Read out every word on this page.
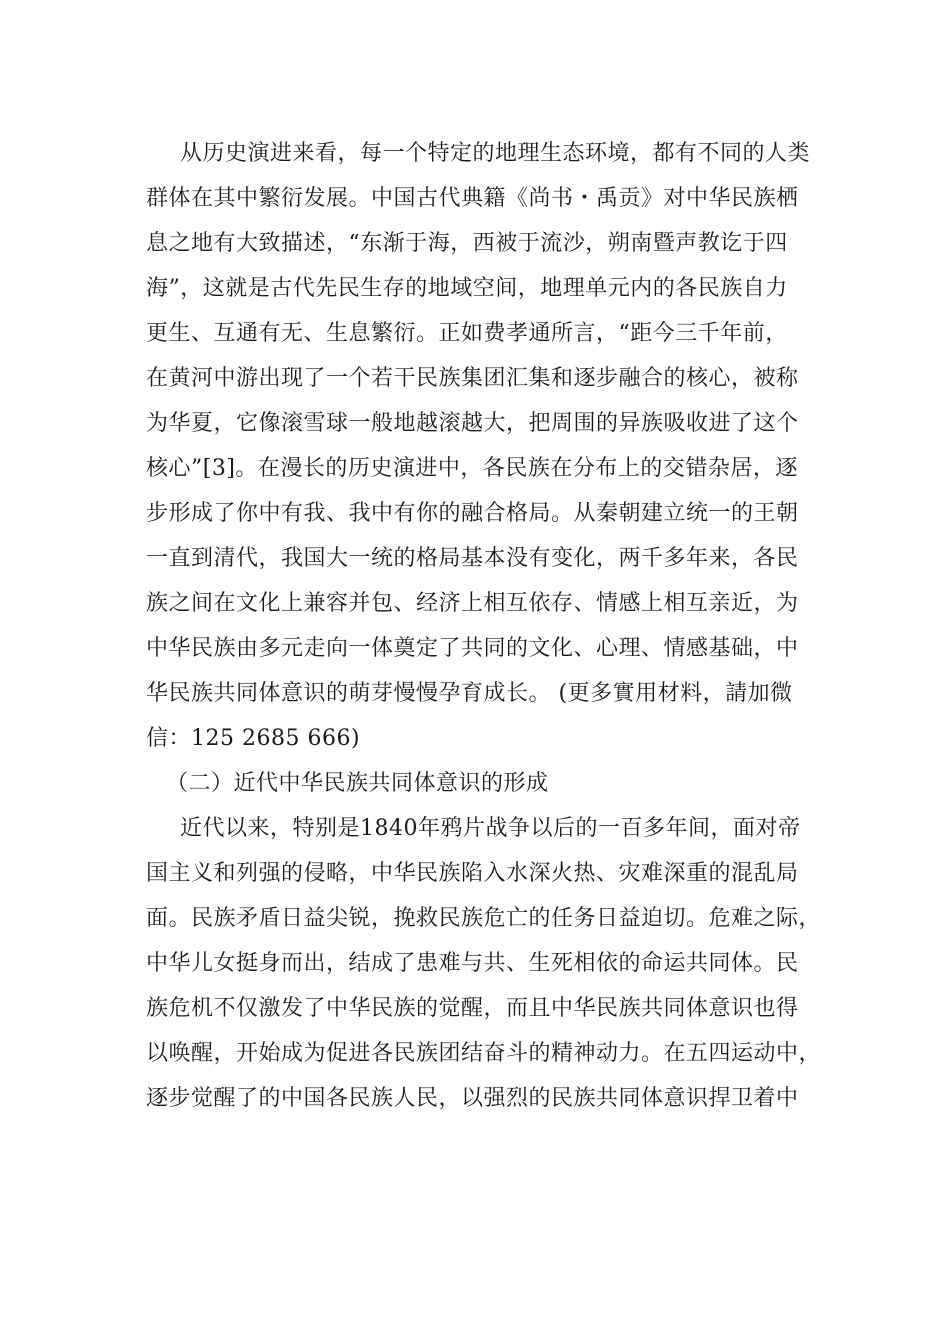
从历史演进来看，每一个特定的地理生态环境，都有不同的人类
群体在其中繁衍发展。中国古代典籍《尚书・禹贡》对中华民族栖
息之地有大致描述，“东渐于海，西被于流沙，朔南暨声教讫于四
海”，这就是古代先民生存的地域空间，地理单元内的各民族自力
更生、互通有无、生息繁衍。正如费孝通所言，“距今三千年前，
在黄河中游出现了一个若干民族集团汇集和逐步融合的核心，被称
为华夏，它像滚雪球一般地越滚越大，把周围的异族吸收进了这个
核心”[3]。在漫长的历史演进中，各民族在分布上的交错杂居，逐
步形成了你中有我、我中有你的融合格局。从秦朝建立统一的王朝
一直到清代，我国大一统的格局基本没有变化，两千多年来，各民
族之间在文化上兼容并包、经济上相互依存、情感上相互亲近，为
中华民族由多元走向一体奠定了共同的文化、心理、情感基础，中
华民族共同体意识的萌芽慢慢孕育成长。 (更多實用材料，請加微
信：125 2685 666)
（二）近代中华民族共同体意识的形成
近代以来，特别是1840年鸦片战争以后的一百多年间，面对帝
国主义和列强的侵略，中华民族陷入水深火热、灾难深重的混乱局
面。民族矛盾日益尖锐，挽救民族危亡的任务日益迫切。危难之际，
中华儿女挺身而出，结成了患难与共、生死相依的命运共同体。民
族危机不仅激发了中华民族的觉醒，而且中华民族共同体意识也得
以唤醒，开始成为促进各民族团结奋斗的精神动力。在五四运动中，
逐步觉醒了的中国各民族人民，以强烈的民族共同体意识捍卫着中
